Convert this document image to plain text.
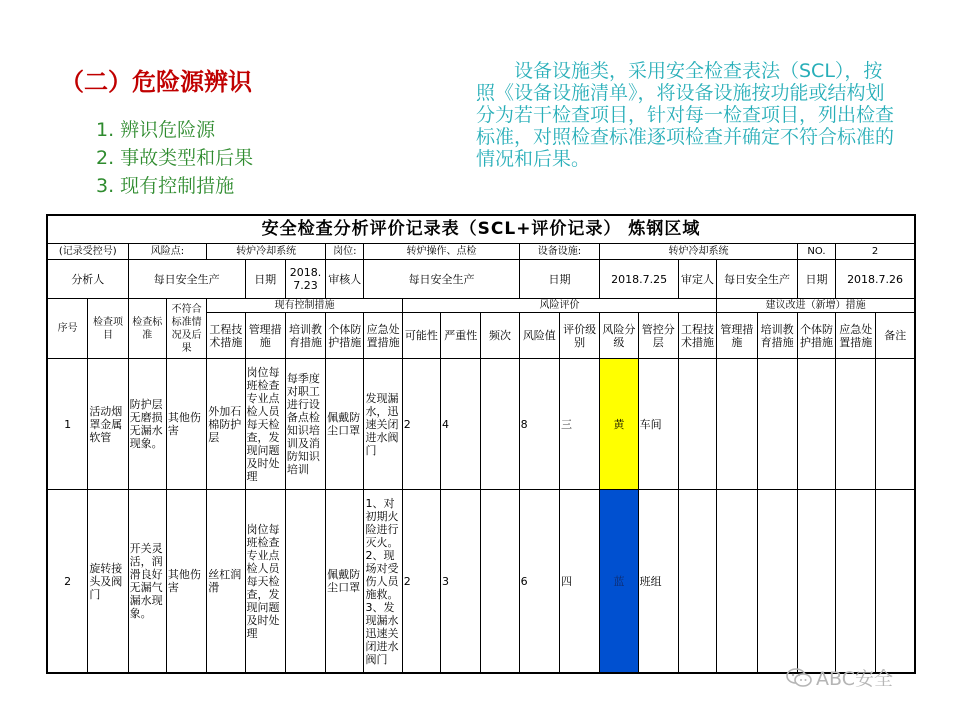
（二）危险源辨识
1. 辨识危险源
2. 事故类型和后果
3. 现有控制措施

设备设施类，采用安全检查表法（SCL），按照《设备设施清单》，将设备设施按功能或结构划分为若干检查项目，针对每一检查项目，列出检查标准，对照检查标准逐项检查并确定不符合标准的情况和后果。

安全检查分析评价记录表（SCL+评价记录） 炼钢区域																					
(记录受控号)		风险点:		转炉冷却系统			岗位:	转炉操作、点检				设备设施:		转炉冷却系统					NO.	2	
分析人		每日安全生产			日期	2018.7.23	审核人	每日安全生产				日期		2018.7.25		审定人	每日安全生产		日期	2018.7.26	
序号	检查项目	检查标准	不符合标准情况及后果	现有控制措施					风险评价								建议改进（新增）措施				
				工程技术措施	管理措施	培训教育措施	个体防护措施	应急处置措施	可能性	严重性	频次	风险值	评价级别	风险分级	管控分层	工程技术措施	管理措施	培训教育措施	个体防护措施	应急处置措施	备注
1	活动烟罩金属软管	防护层无磨损无漏水现象。	其他伤害	外加石棉防护层	岗位每班检查专业点检人员每天检查，发现问题及时处理	每季度对职工进行设备点检知识培训及消防知识培训	佩戴防尘口罩	发现漏水，迅速关闭进水阀门	2	4		8	三	黄	车间						
2	旋转接头及阀门	开关灵活，润滑良好无漏气漏水现象。	其他伤害	丝杠润滑	岗位每班检查专业点检人员每天检查，发现问题及时处理		佩戴防尘口罩	1、对初期火险进行灭火。2、现场对受伤人员施救。3、发现漏水迅速关闭进水阀门	2	3		6	四	蓝	班组						
ABC安全
